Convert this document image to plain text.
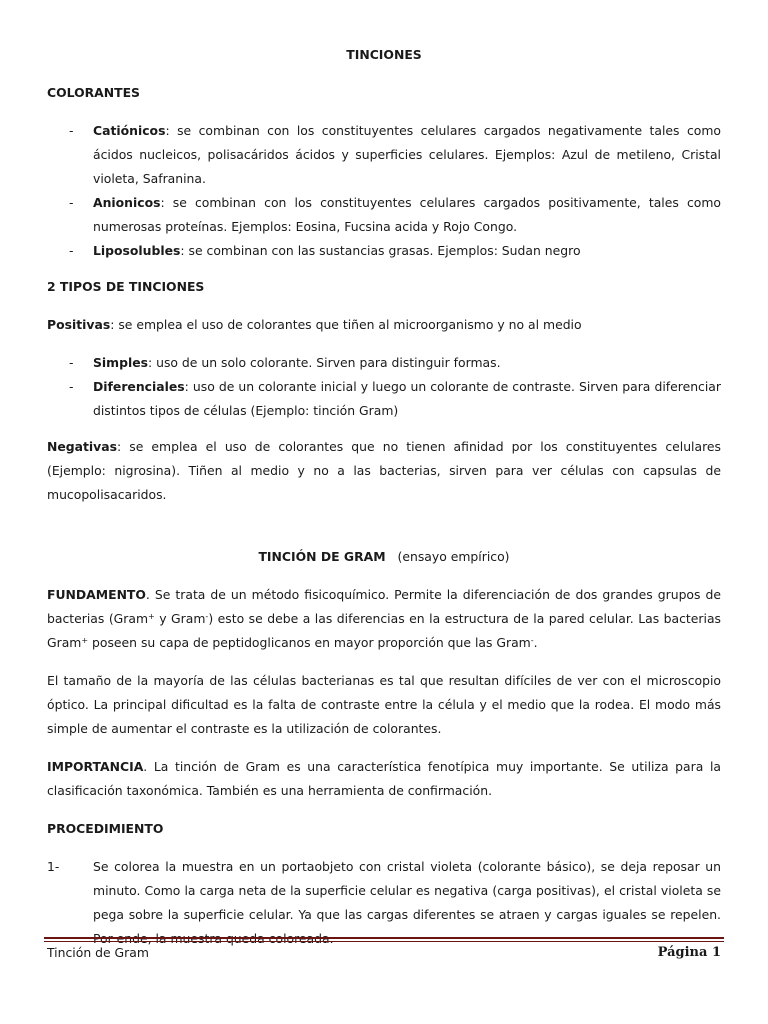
TINCIONES
COLORANTES
- Catiónicos: se combinan con los constituyentes celulares cargados negativamente tales como ácidos nucleicos, polisacáridos ácidos y superficies celulares. Ejemplos: Azul de metileno, Cristal violeta, Safranina.
- Anionicos: se combinan con los constituyentes celulares cargados positivamente, tales como numerosas proteínas. Ejemplos: Eosina, Fucsina acida y Rojo Congo.
- Liposolubles: se combinan con las sustancias grasas. Ejemplos: Sudan negro
2 TIPOS DE TINCIONES

Positivas: se emplea el uso de colorantes que tiñen al microorganismo y no al medio

- Simples: uso de un solo colorante. Sirven para distinguir formas.
- Diferenciales: uso de un colorante inicial y luego un colorante de contraste. Sirven para diferenciar distintos tipos de células (Ejemplo: tinción Gram)

Negativas: se emplea el uso de colorantes que no tienen afinidad por los constituyentes celulares (Ejemplo: nigrosina). Tiñen al medio y no a las bacterias, sirven para ver células con capsulas de mucopolisacaridos.

TINCIÓN DE GRAM (ensayo empírico)

FUNDAMENTO. Se trata de un método fisicoquímico. Permite la diferenciación de dos grandes grupos de bacterias (Gram+ y Gram-) esto se debe a las diferencias en la estructura de la pared celular. Las bacterias Gram+ poseen su capa de peptidoglicanos en mayor proporción que las Gram-.

El tamaño de la mayoría de las células bacterianas es tal que resultan difíciles de ver con el microscopio óptico. La principal dificultad es la falta de contraste entre la célula y el medio que la rodea. El modo más simple de aumentar el contraste es la utilización de colorantes.

IMPORTANCIA. La tinción de Gram es una característica fenotípica muy importante. Se utiliza para la clasificación taxonómica. También es una herramienta de confirmación.

PROCEDIMIENTO
1-	Se colorea la muestra en un portaobjeto con cristal violeta (colorante básico), se deja reposar un minuto. Como la carga neta de la superficie celular es negativa (carga positivas), el cristal violeta se pega sobre la superficie celular. Ya que las cargas diferentes se atraen y cargas iguales se repelen.
Tinción de Gram	Página 1
